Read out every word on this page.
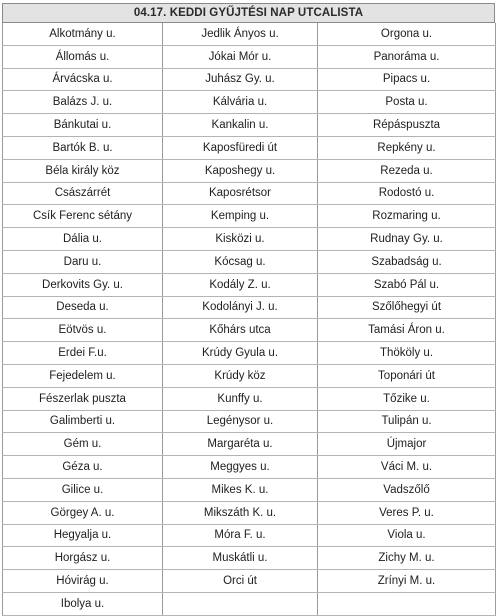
04.17. KEDDI GYŰJTÉSI NAP UTCALISTA
Alkotmány u.	Jedlik Ányos u.	Orgona u.
Állomás u.	Jókai Mór u.	Panoráma u.
Árvácska u.	Juhász Gy. u.	Pipacs u.
Balázs J. u.	Kálvária u.	Posta u.
Bánkutai u.	Kankalin u.	Répáspuszta
Bartók B. u.	Kaposfüredi út	Repkény u.
Béla király köz	Kaposhegy u.	Rezeda u.
Császárrét	Kaposrétsor	Rodostó u.
Csík Ferenc sétány	Kemping u.	Rozmaring u.
Dália u.	Kisközi u.	Rudnay Gy. u.
Daru u.	Kócsag u.	Szabadság u.
Derkovits Gy. u.	Kodály Z. u.	Szabó Pál u.
Deseda u.	Kodolányi J. u.	Szőlőhegyi út
Eötvös u.	Kőhárs utca	Tamási Áron u.
Erdei F.u.	Krúdy Gyula u.	Thököly u.
Fejedelem u.	Krúdy köz	Toponári út
Fészerlak puszta	Kunffy u.	Tőzike u.
Galimberti u.	Legénysor u.	Tulipán u.
Gém u.	Margaréta u.	Újmajor
Géza u.	Meggyes u.	Váci M. u.
Gilice u.	Mikes K. u.	Vadszőlő
Görgey A. u.	Mikszáth K. u.	Veres P. u.
Hegyalja u.	Móra F. u.	Viola u.
Horgász u.	Muskátli u.	Zichy M. u.
Hóvirág u.	Orci út	Zrínyi M. u.
Ibolya u.		
